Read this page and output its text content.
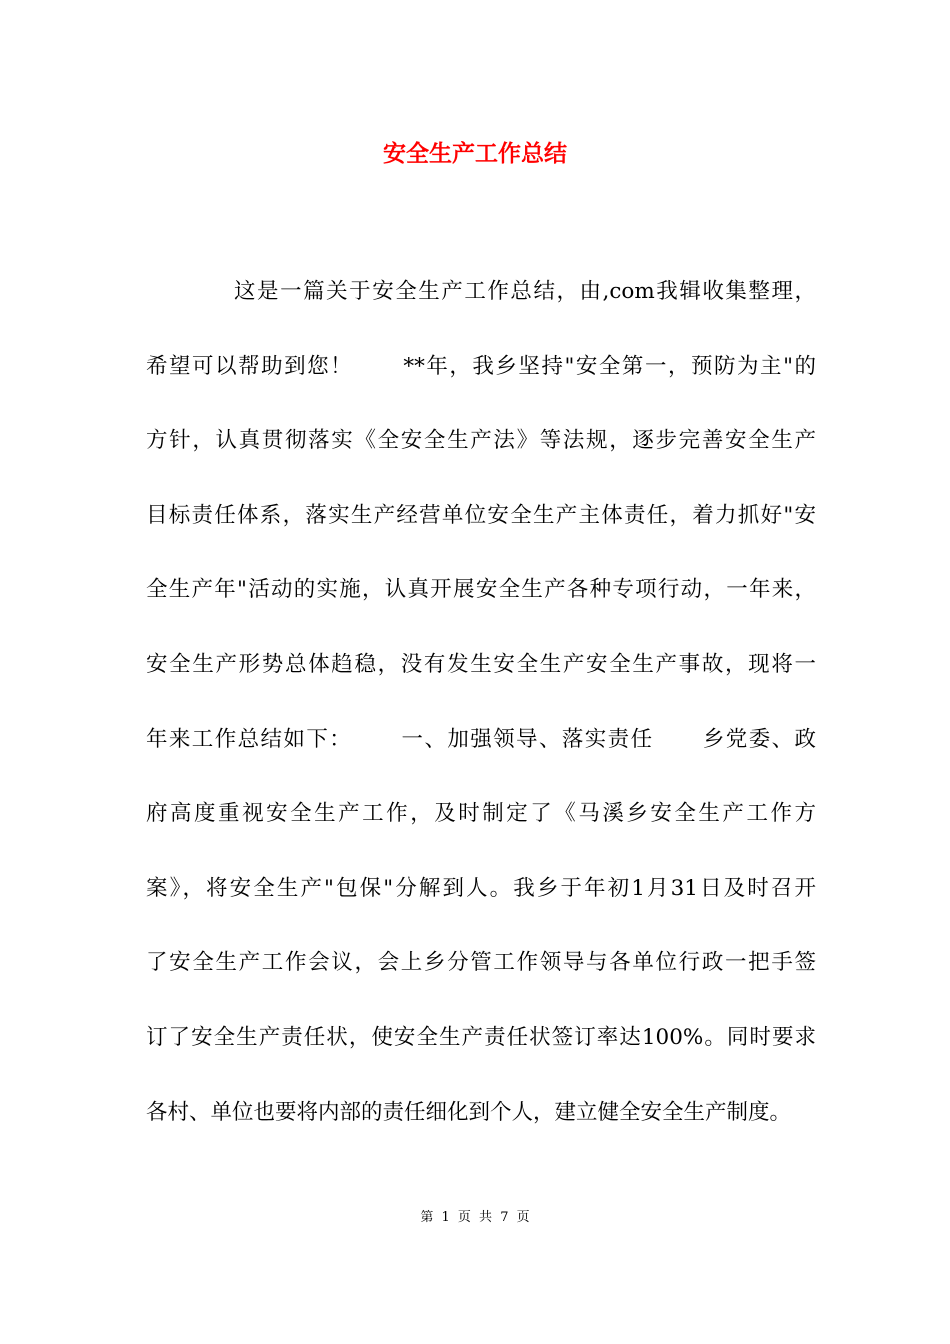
安全生产工作总结
这是一篇关于安全生产工作总结，由,com我辑收集整理，
希望可以帮助到您！      **年，我乡坚持"安全第一，预防为主"的
方针，认真贯彻落实《全安全生产法》等法规，逐步完善安全生产
目标责任体系，落实生产经营单位安全生产主体责任，着力抓好"安
全生产年"活动的实施，认真开展安全生产各种专项行动，一年来，
安全生产形势总体趋稳，没有发生安全生产安全生产事故，现将一
年来工作总结如下：      一、加强领导、落实责任      乡党委、政
府高度重视安全生产工作，及时制定了《马溪乡安全生产工作方
案》，将安全生产"包保"分解到人。我乡于年初1月31日及时召开
了安全生产工作会议，会上乡分管工作领导与各单位行政一把手签
订了安全生产责任状，使安全生产责任状签订率达100%。同时要求
各村、单位也要将内部的责任细化到个人，建立健全安全生产制度。
第 1 页 共 7 页
